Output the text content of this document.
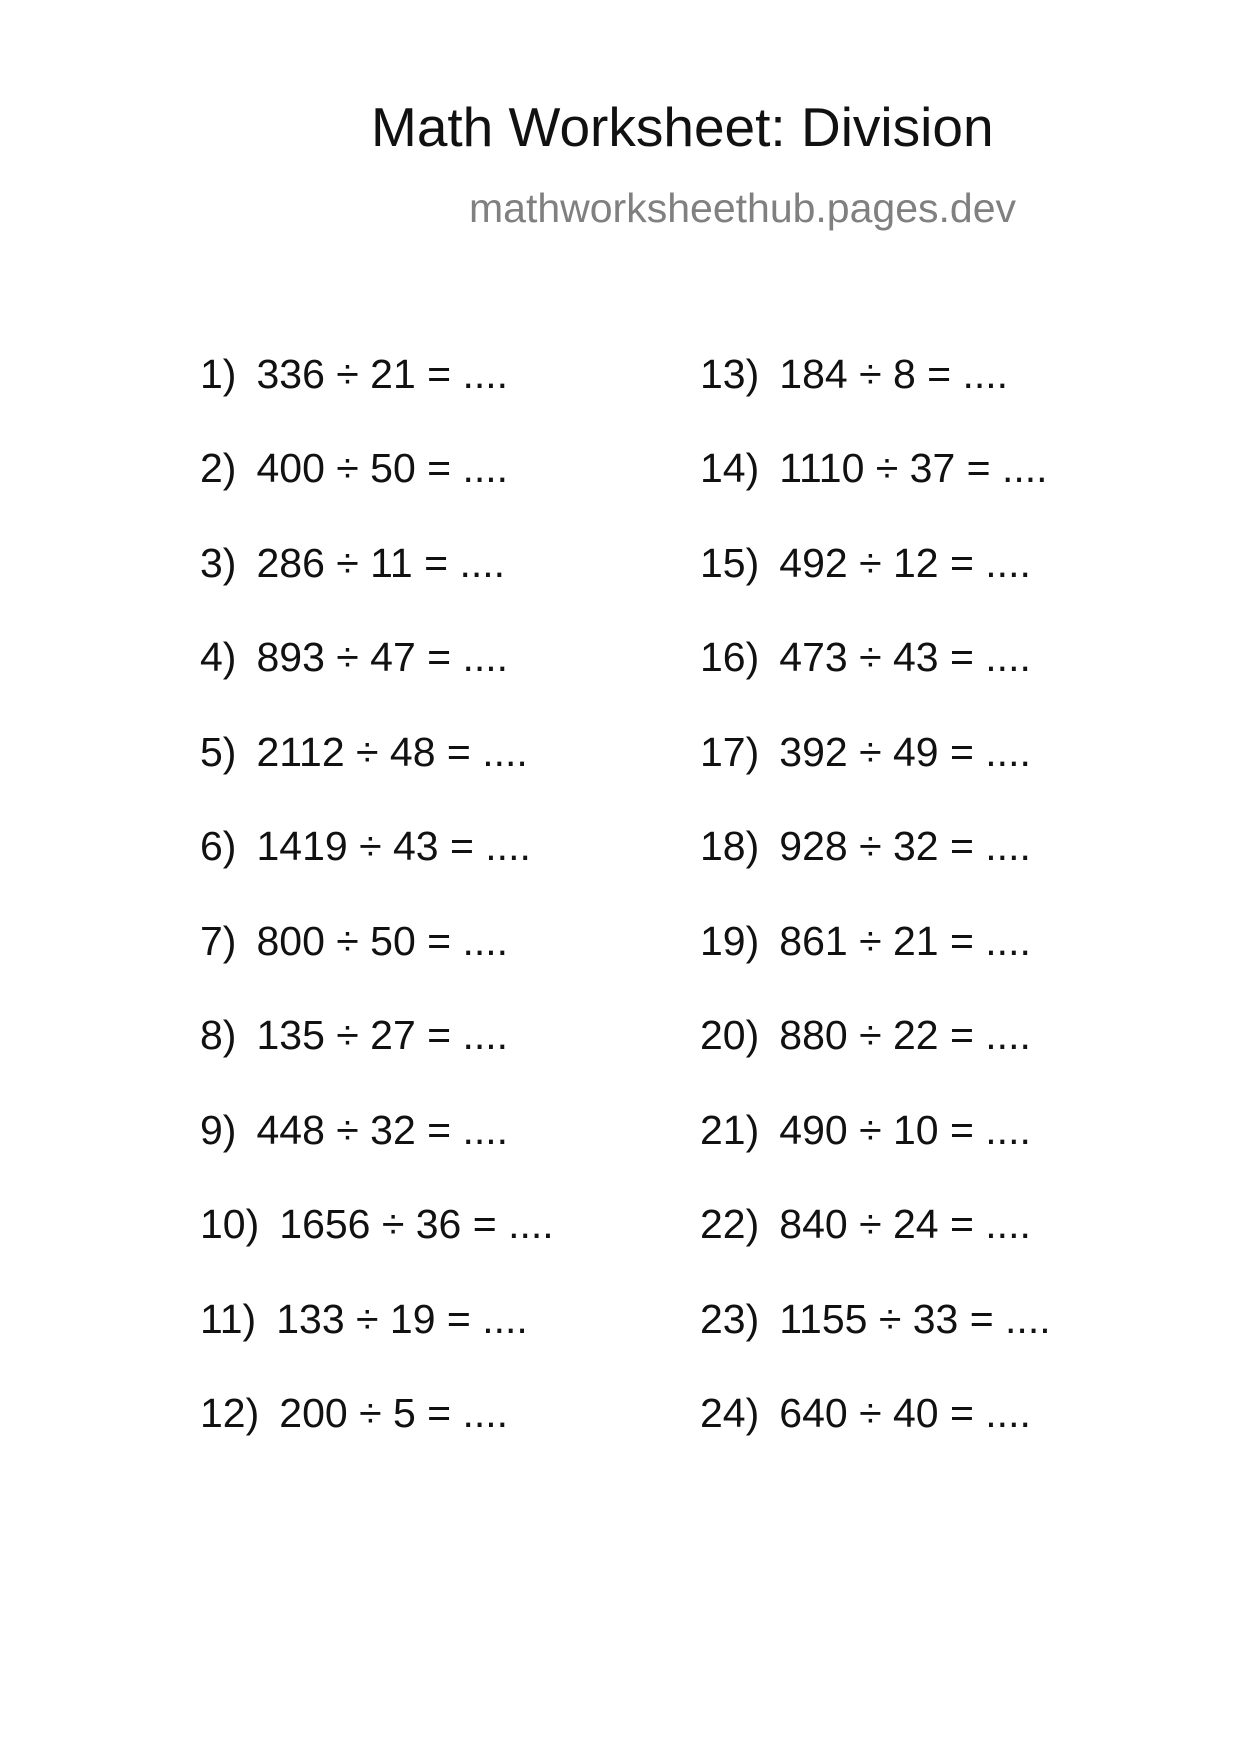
Math Worksheet: Division
mathworksheethub.pages.dev
1) 336 ÷ 21 = ....
2) 400 ÷ 50 = ....
3) 286 ÷ 11 = ....
4) 893 ÷ 47 = ....
5) 2112 ÷ 48 = ....
6) 1419 ÷ 43 = ....
7) 800 ÷ 50 = ....
8) 135 ÷ 27 = ....
9) 448 ÷ 32 = ....
10) 1656 ÷ 36 = ....
11) 133 ÷ 19 = ....
12) 200 ÷ 5 = ....
13) 184 ÷ 8 = ....
14) 1110 ÷ 37 = ....
15) 492 ÷ 12 = ....
16) 473 ÷ 43 = ....
17) 392 ÷ 49 = ....
18) 928 ÷ 32 = ....
19) 861 ÷ 21 = ....
20) 880 ÷ 22 = ....
21) 490 ÷ 10 = ....
22) 840 ÷ 24 = ....
23) 1155 ÷ 33 = ....
24) 640 ÷ 40 = ....
